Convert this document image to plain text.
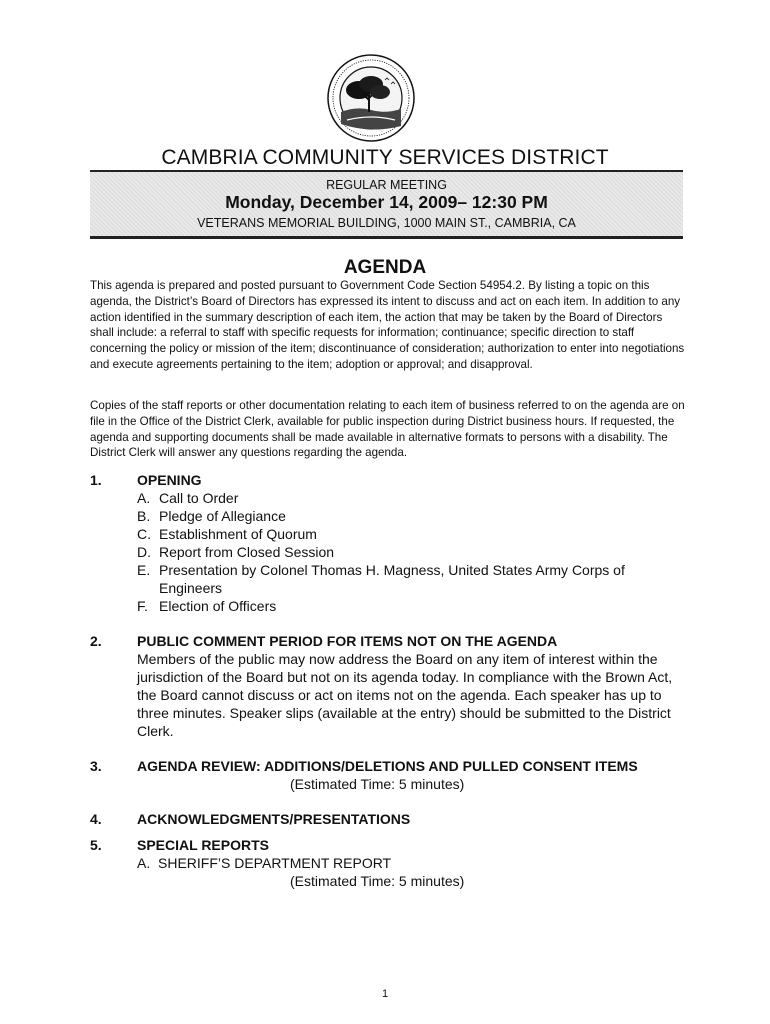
CAMBRIA COMMUNITY SERVICES DISTRICT
REGULAR MEETING
Monday, December 14, 2009– 12:30 PM
VETERANS MEMORIAL BUILDING, 1000 MAIN ST., CAMBRIA, CA
AGENDA
This agenda is prepared and posted pursuant to Government Code Section 54954.2. By listing a topic on this agenda, the District’s Board of Directors has expressed its intent to discuss and act on each item. In addition to any action identified in the summary description of each item, the action that may be taken by the Board of Directors shall include: a referral to staff with specific requests for information; continuance; specific direction to staff concerning the policy or mission of the item; discontinuance of consideration; authorization to enter into negotiations and execute agreements pertaining to the item; adoption or approval; and disapproval.
Copies of the staff reports or other documentation relating to each item of business referred to on the agenda are on file in the Office of the District Clerk, available for public inspection during District business hours. If requested, the agenda and supporting documents shall be made available in alternative formats to persons with a disability. The District Clerk will answer any questions regarding the agenda.
1.	OPENING
A. Call to Order
B. Pledge of Allegiance
C. Establishment of Quorum
D. Report from Closed Session
E. Presentation by Colonel Thomas H. Magness, United States Army Corps of Engineers
F. Election of Officers
2.	PUBLIC COMMENT PERIOD FOR ITEMS NOT ON THE AGENDA
Members of the public may now address the Board on any item of interest within the jurisdiction of the Board but not on its agenda today. In compliance with the Brown Act, the Board cannot discuss or act on items not on the agenda. Each speaker has up to three minutes. Speaker slips (available at the entry) should be submitted to the District Clerk.
3.	AGENDA REVIEW: ADDITIONS/DELETIONS AND PULLED CONSENT ITEMS
(Estimated Time: 5 minutes)
4.	ACKNOWLEDGMENTS/PRESENTATIONS
5.	SPECIAL REPORTS
A.  SHERIFF’S DEPARTMENT REPORT
(Estimated Time: 5 minutes)
1
